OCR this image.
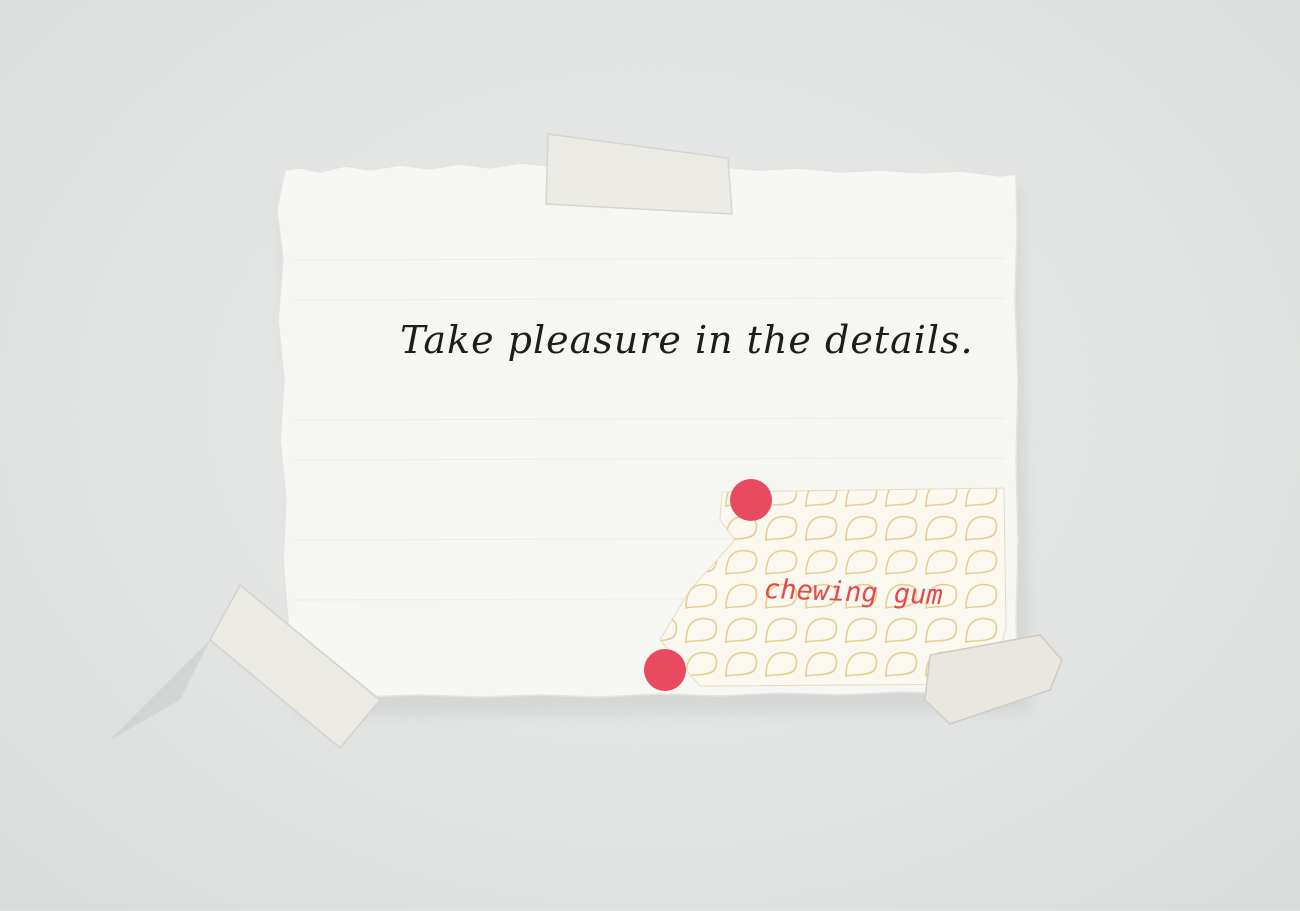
Take pleasure in the details.
chewing gum
